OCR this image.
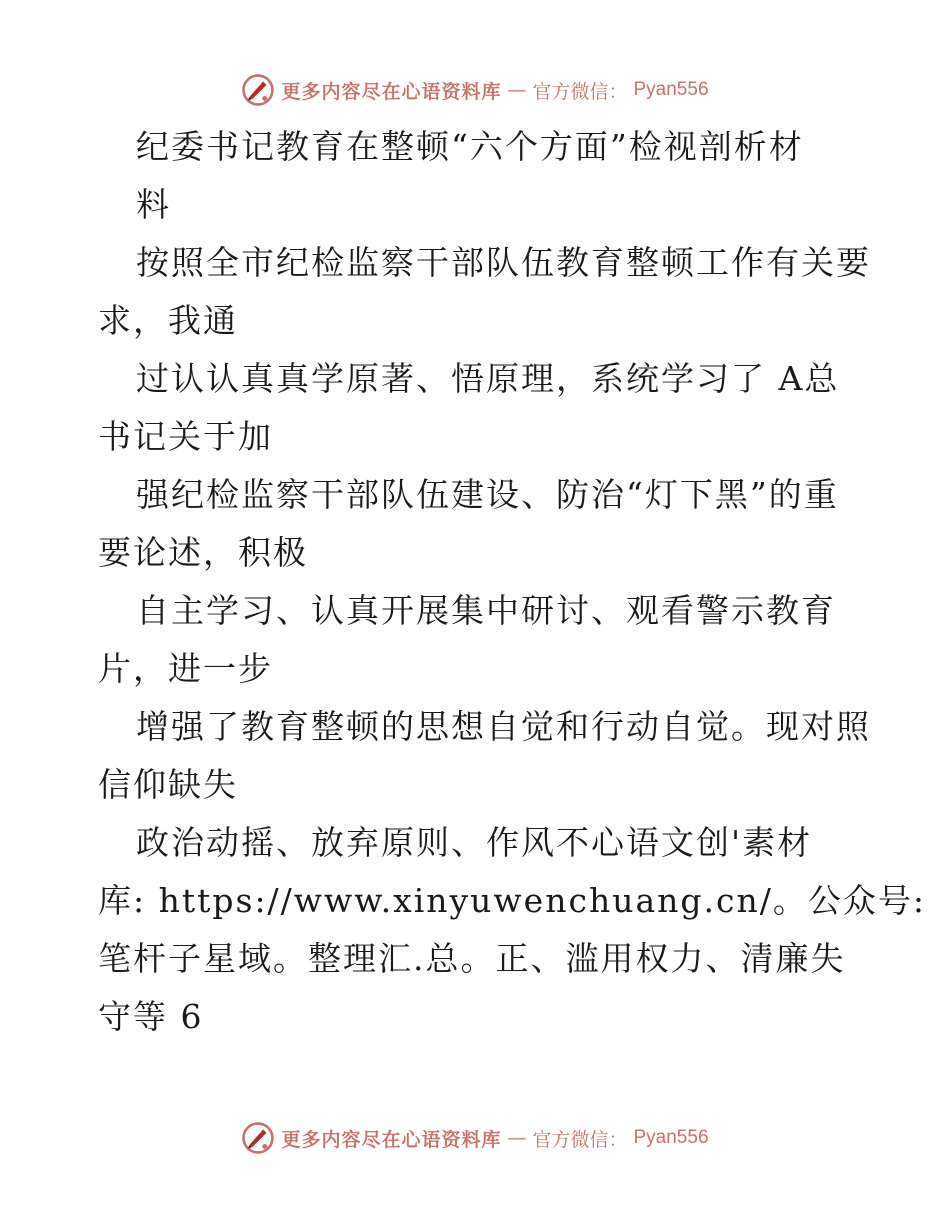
更多内容尽在心语资料库 — 官方微信： Pyan556
纪委书记教育在整顿“六个方面”检视剖析材
料
按照全市纪检监察干部队伍教育整顿工作有关要
求，我通
过认认真真学原著、悟原理，系统学习了 A总
书记关于加
强纪检监察干部队伍建设、防治“灯下黑”的重
要论述，积极
自主学习、认真开展集中研讨、观看警示教育
片，进一步
增强了教育整顿的思想自觉和行动自觉。现对照
信仰缺失
政治动摇、放弃原则、作风不心语文创'素材
库: https://www.xinyuwenchuang.cn/。公众号:
笔杆子星域。整理汇.总。正、滥用权力、清廉失
守等 6
更多内容尽在心语资料库 — 官方微信： Pyan556
